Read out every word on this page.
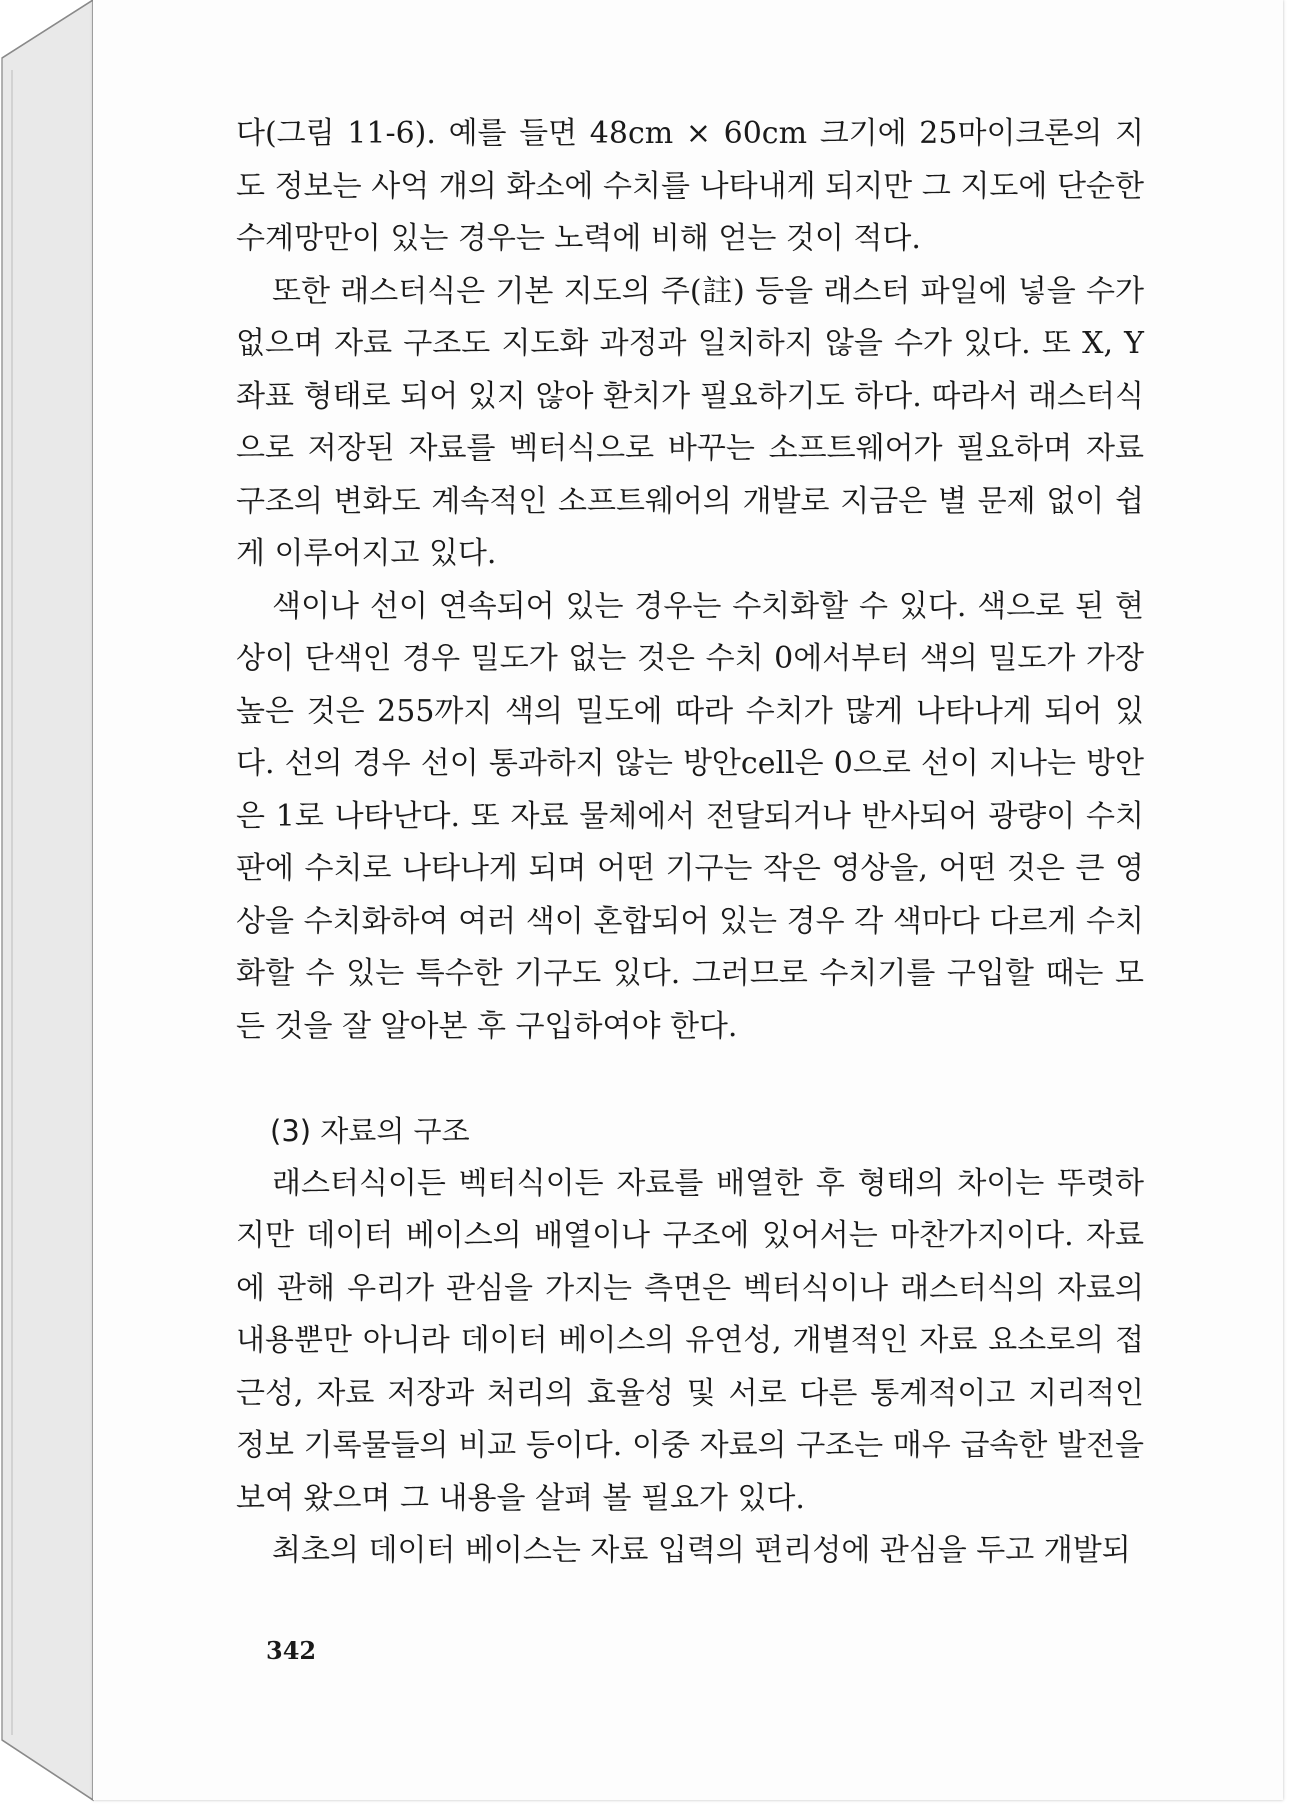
다(그림 11-6). 예를 들면 48cm × 60cm 크기에 25마이크론의 지도 정보는 사억 개의 화소에 수치를 나타내게 되지만 그 지도에 단순한 수계망만이 있는 경우는 노력에 비해 얻는 것이 적다.

또한 래스터식은 기본 지도의 주(註) 등을 래스터 파일에 넣을 수가 없으며 자료 구조도 지도화 과정과 일치하지 않을 수가 있다. 또 X, Y 좌표 형태로 되어 있지 않아 환치가 필요하기도 하다. 따라서 래스터식으로 저장된 자료를 벡터식으로 바꾸는 소프트웨어가 필요하며 자료 구조의 변화도 계속적인 소프트웨어의 개발로 지금은 별 문제 없이 쉽게 이루어지고 있다.

색이나 선이 연속되어 있는 경우는 수치화할 수 있다. 색으로 된 현상이 단색인 경우 밀도가 없는 것은 수치 0에서부터 색의 밀도가 가장 높은 것은 255까지 색의 밀도에 따라 수치가 많게 나타나게 되어 있다. 선의 경우 선이 통과하지 않는 방안cell은 0으로 선이 지나는 방안은 1로 나타난다. 또 자료 물체에서 전달되거나 반사되어 광량이 수치판에 수치로 나타나게 되며 어떤 기구는 작은 영상을, 어떤 것은 큰 영상을 수치화하여 여러 색이 혼합되어 있는 경우 각 색마다 다르게 수치화할 수 있는 특수한 기구도 있다. 그러므로 수치기를 구입할 때는 모든 것을 잘 알아본 후 구입하여야 한다.

(3) 자료의 구조

래스터식이든 벡터식이든 자료를 배열한 후 형태의 차이는 뚜렷하지만 데이터 베이스의 배열이나 구조에 있어서는 마찬가지이다. 자료에 관해 우리가 관심을 가지는 측면은 벡터식이나 래스터식의 자료의 내용뿐만 아니라 데이터 베이스의 유연성, 개별적인 자료 요소로의 접근성, 자료 저장과 처리의 효율성 및 서로 다른 통계적이고 지리적인 정보 기록물들의 비교 등이다. 이중 자료의 구조는 매우 급속한 발전을 보여 왔으며 그 내용을 살펴 볼 필요가 있다.

최초의 데이터 베이스는 자료 입력의 편리성에 관심을 두고 개발되

342
